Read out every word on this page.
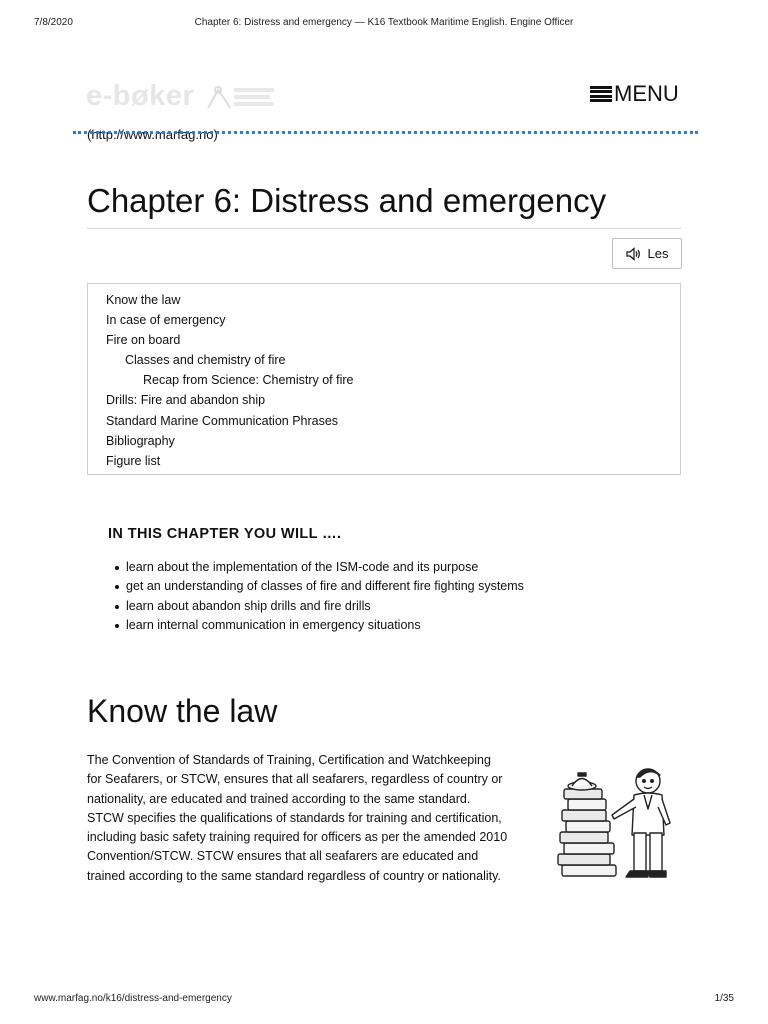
7/8/2020	Chapter 6: Distress and emergency — K16 Textbook Maritime English. Engine Officer
e-bøker
(http://www.marfag.no)
MENU
Chapter 6: Distress and emergency
Les
Know the law
In case of emergency
Fire on board
Classes and chemistry of fire
Recap from Science: Chemistry of fire
Drills: Fire and abandon ship
Standard Marine Communication Phrases
Bibliography
Figure list
IN THIS CHAPTER YOU WILL ….
learn about the implementation of the ISM-code and its purpose
get an understanding of classes of fire and different fire fighting systems
learn about abandon ship drills and fire drills
learn internal communication in emergency situations
Know the law
The Convention of Standards of Training, Certification and Watchkeeping
for Seafarers, or STCW, ensures that all seafarers, regardless of country or
nationality, are educated and trained according to the same standard.
STCW specifies the qualifications of standards for training and certification,
including basic safety training required for officers as per the amended 2010
Convention/STCW. STCW ensures that all seafarers are educated and
trained according to the same standard regardless of country or nationality.
www.marfag.no/k16/distress-and-emergency	1/35
